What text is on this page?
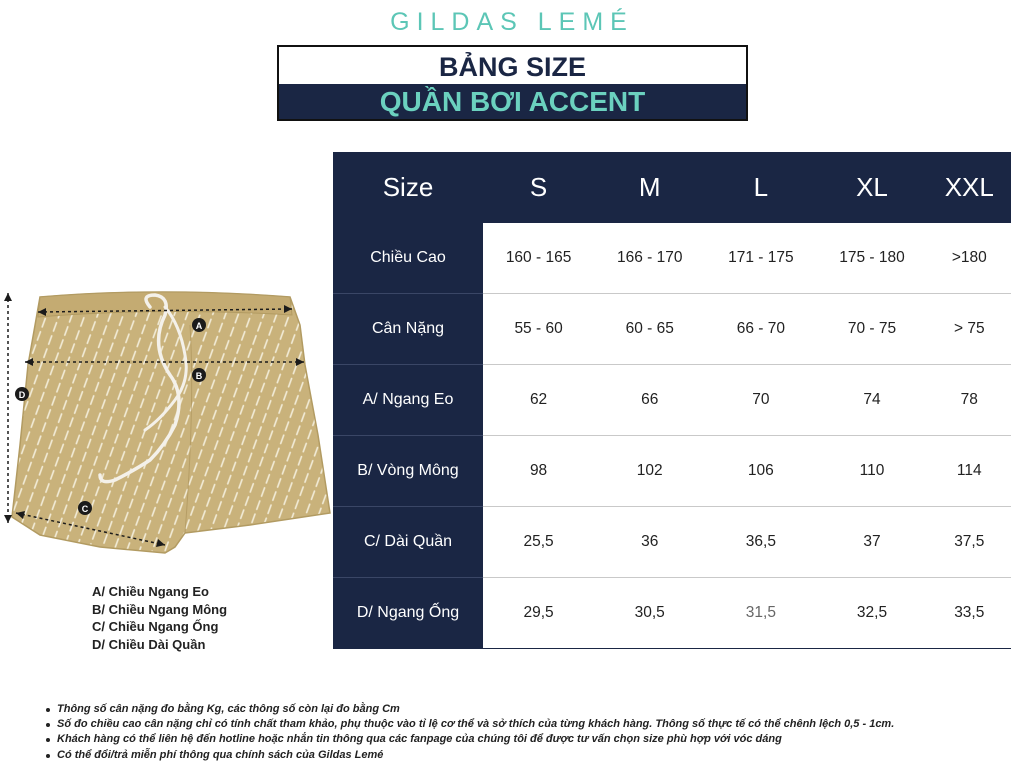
GILDAS LEMÉ
BẢNG SIZE
QUẦN BƠI ACCENT
A
B
C
D
A/ Chiều Ngang Eo
B/ Chiều Ngang Mông
C/ Chiều Ngang Ống
D/ Chiều Dài Quần
Size	S	M	L	XL	XXL
Chiều Cao	160 - 165	166 - 170	171 - 175	175 - 180	>180
Cân Nặng	55 - 60	60 - 65	66 - 70	70 - 75	> 75
A/ Ngang Eo	62	66	70	74	78
B/ Vòng Mông	98	102	106	110	114
C/ Dài Quần	25,5	36	36,5	37	37,5
D/ Ngang Ống	29,5	30,5	31,5	32,5	33,5
Thông số cân nặng đo bằng Kg, các thông số còn lại đo bằng Cm
Số đo chiều cao cân nặng chỉ có tính chất tham khảo, phụ thuộc vào tỉ lệ cơ thể và sở thích của từng khách hàng. Thông số thực tế có thể chênh lệch 0,5 - 1cm.
Khách hàng có thể liên hệ đến hotline hoặc nhắn tin thông qua các fanpage của chúng tôi để được tư vấn chọn size phù hợp với vóc dáng
Có thể đổi/trả miễn phí thông qua chính sách của Gildas Lemé
